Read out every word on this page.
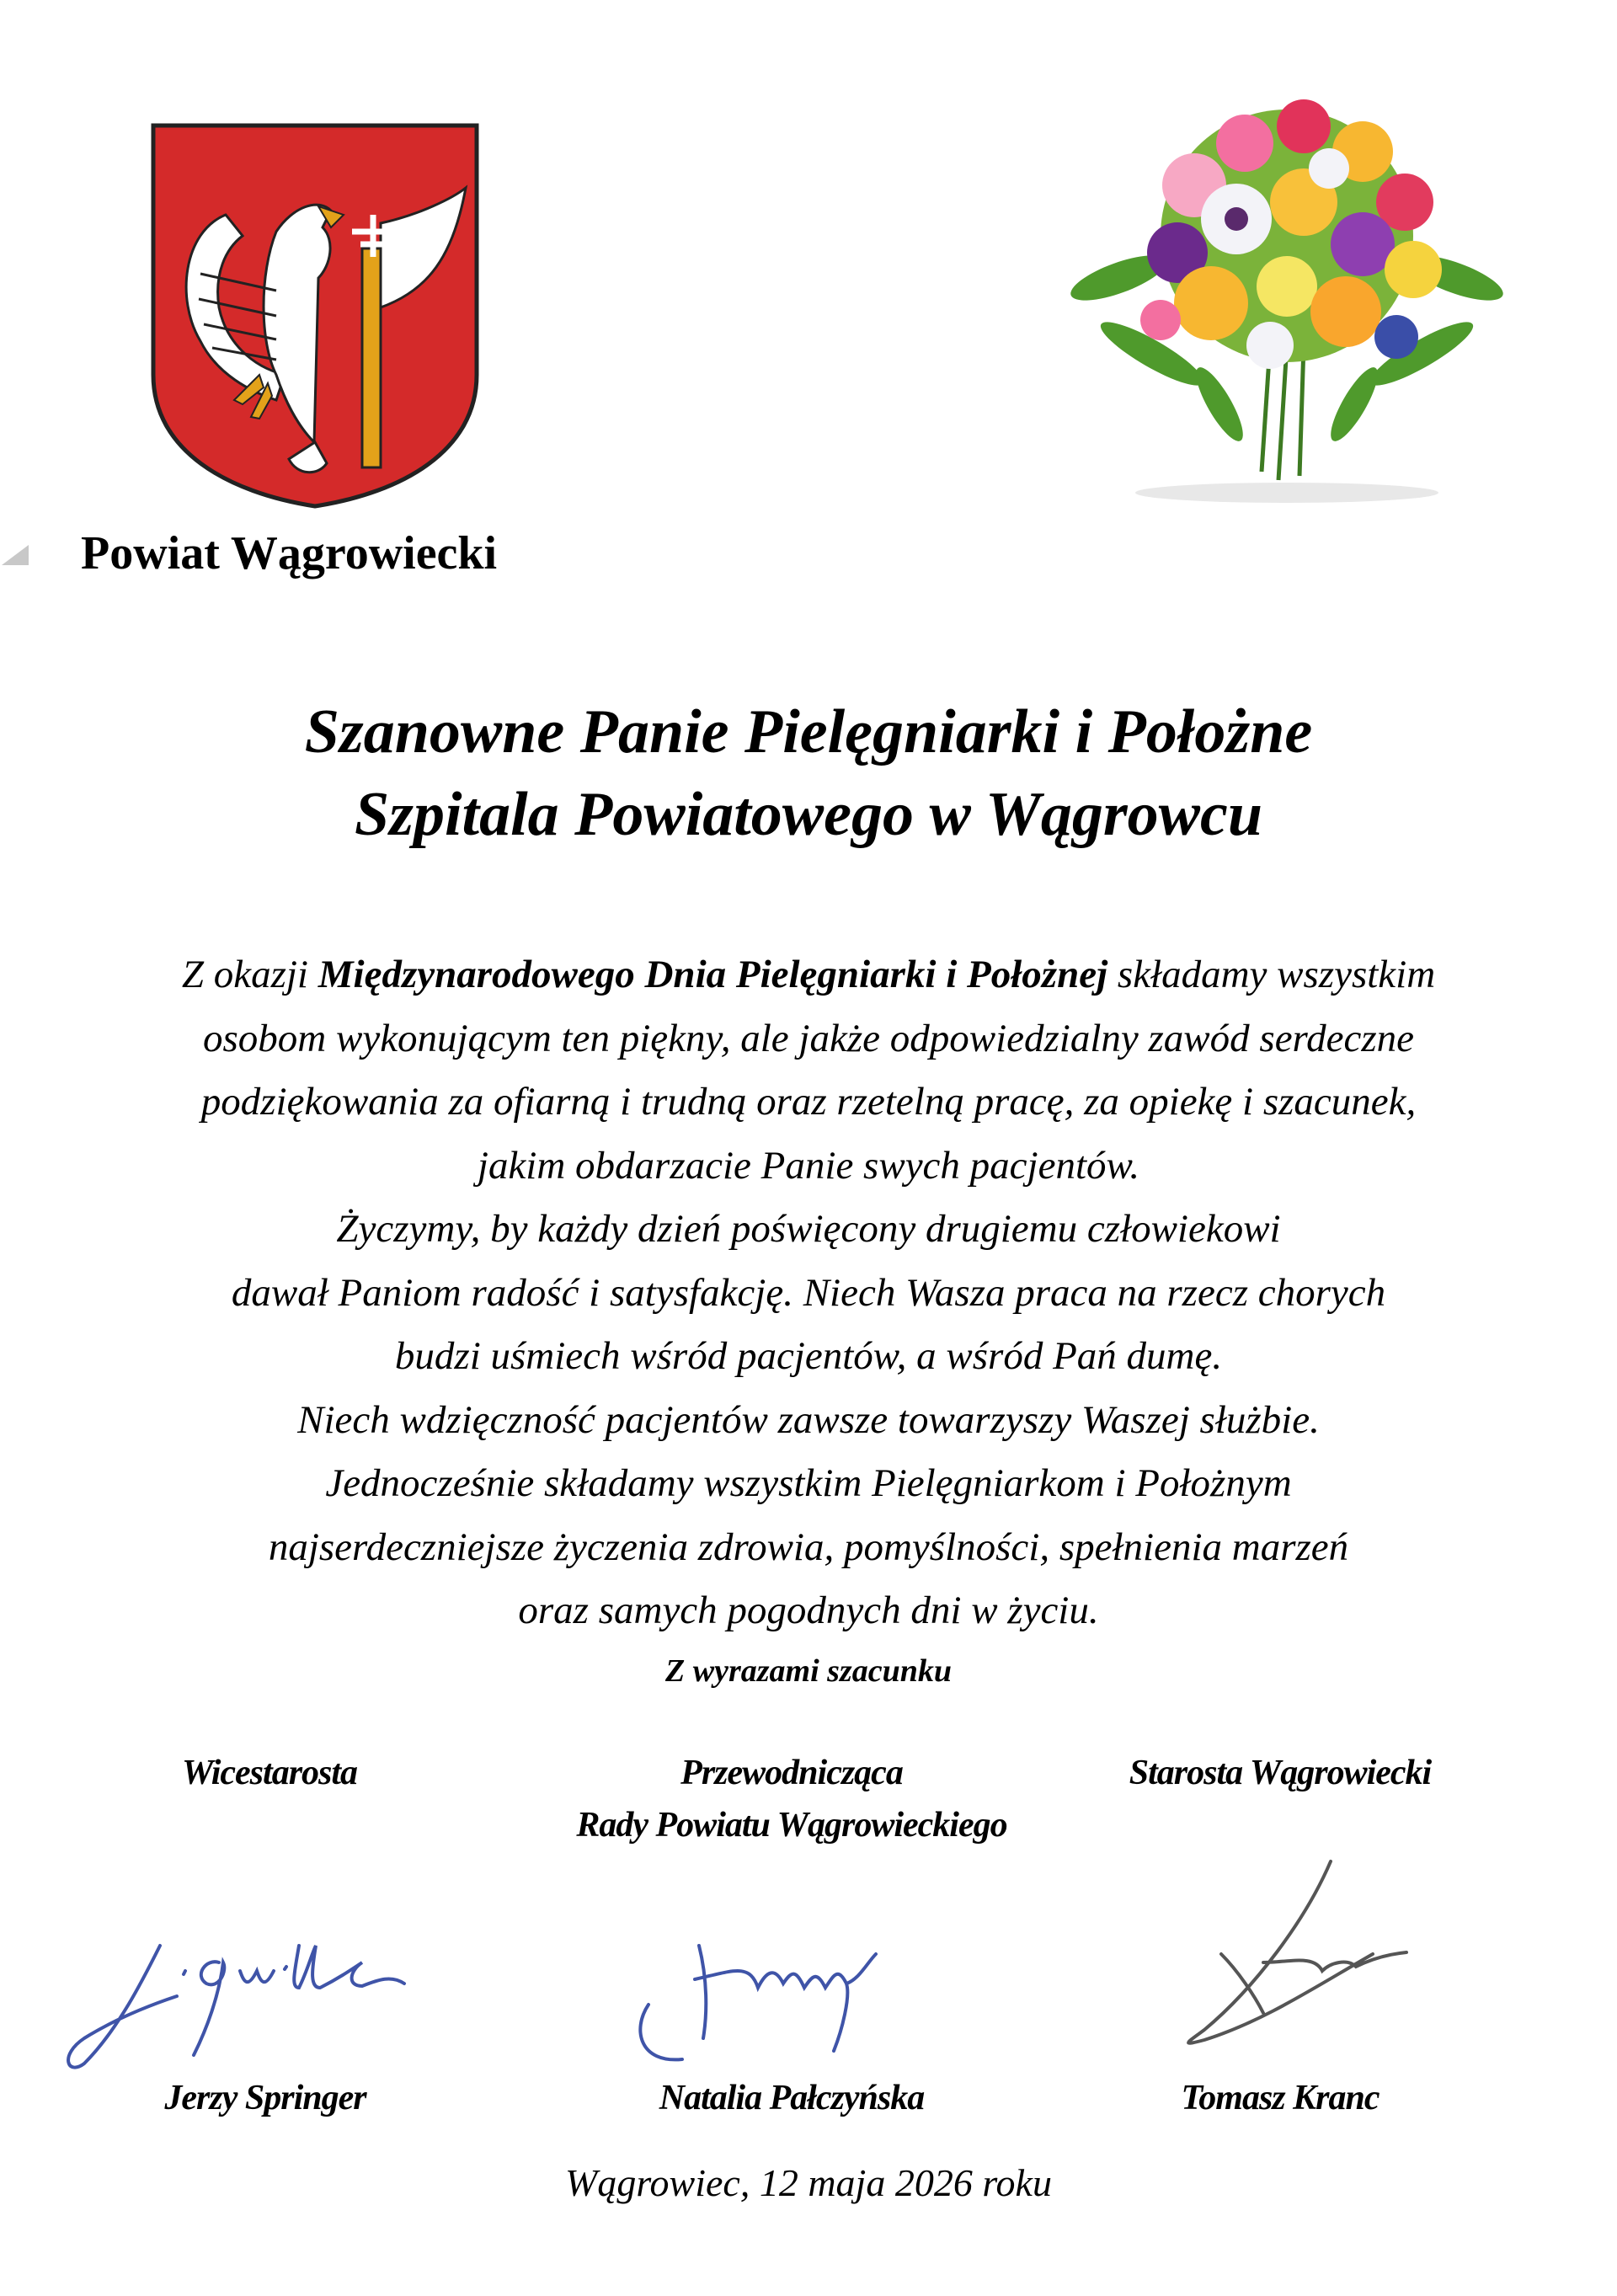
Powiat Wągrowiecki
Szanowne Panie Pielęgniarki i Położne
Szpitala Powiatowego w Wągrowcu
Z okazji Międzynarodowego Dnia Pielęgniarki i Położnej składamy wszystkim
osobom wykonującym ten piękny, ale jakże odpowiedzialny zawód serdeczne
podziękowania za ofiarną i trudną oraz rzetelną pracę, za opiekę i szacunek,
jakim obdarzacie Panie swych pacjentów.
Życzymy, by każdy dzień poświęcony drugiemu człowiekowi
dawał Paniom radość i satysfakcję. Niech Wasza praca na rzecz chorych
budzi uśmiech wśród pacjentów, a wśród Pań dumę.
Niech wdzięczność pacjentów zawsze towarzyszy Waszej służbie.
Jednocześnie składamy wszystkim Pielęgniarkom i Położnym
najserdeczniejsze życzenia zdrowia, pomyślności, spełnienia marzeń
oraz samych pogodnych dni w życiu.
Z wyrazami szacunku
Wicestarosta	Przewodnicząca
Rady Powiatu Wągrowieckiego
Starosta Wągrowiecki
Jerzy Springer	Natalia Pałczyńska	Tomasz Kranc
Wągrowiec, 12 maja 2026 roku
